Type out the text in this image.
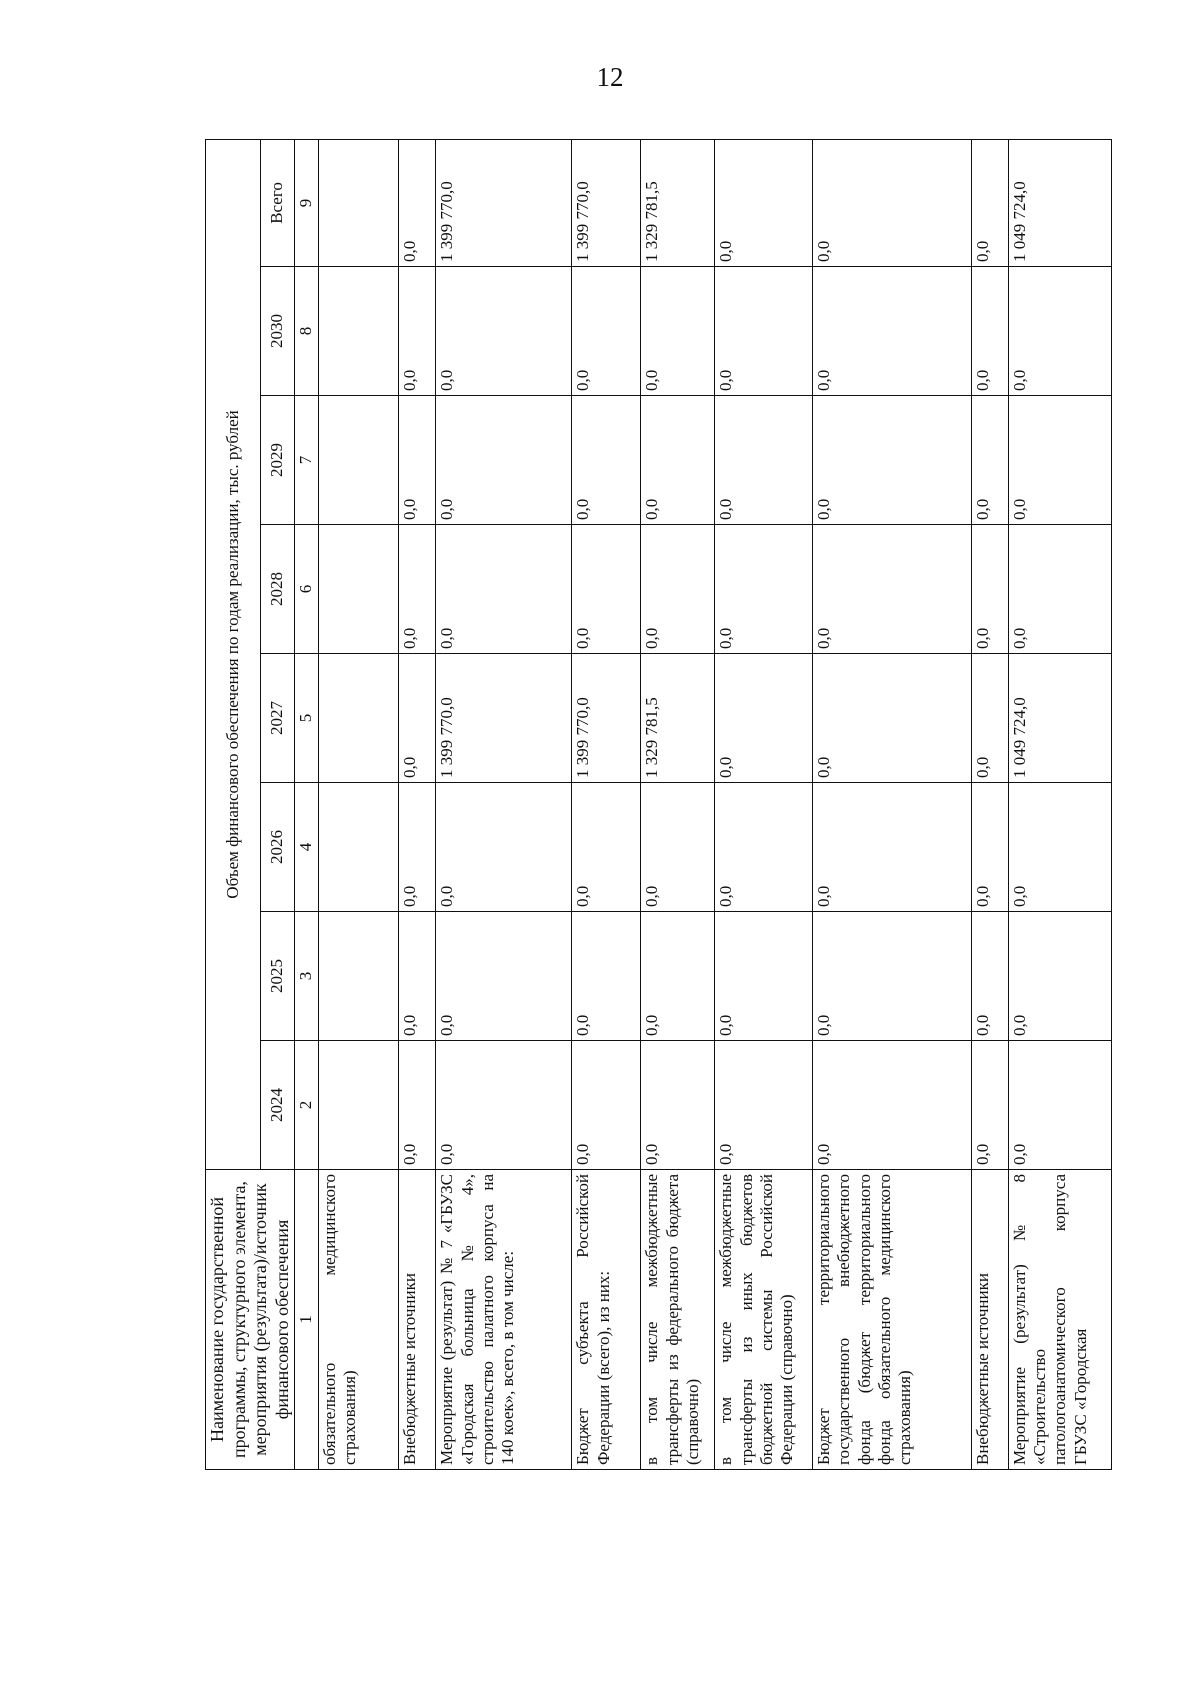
12
Наименование государственной программы, структурного элемента, мероприятия (результата)/источник финансового обеспечения	Объем финансового обеспечения по годам реализации, тыс. рублей							
	2024	2025	2026	2027	2028	2029	2030	Всего
1	2	3	4	5	6	7	8	9
обязательного медицинского страхования)								
Внебюджетные источники	0,0	0,0	0,0	0,0	0,0	0,0	0,0	0,0
Мероприятие (результат) № 7 «ГБУЗС «Городская больница № 4», строительство палатного корпуса на 140 коек», всего, в том числе:	0,0	0,0	0,0	1 399 770,0	0,0	0,0	0,0	1 399 770,0
Бюджет субъекта Российской Федерации (всего), из них:	0,0	0,0	0,0	1 399 770,0	0,0	0,0	0,0	1 399 770,0
в том числе межбюджетные трансферты из федерального бюджета (справочно)	0,0	0,0	0,0	1 329 781,5	0,0	0,0	0,0	1 329 781,5
в том числе межбюджетные трансферты из иных бюджетов бюджетной системы Российской Федерации (справочно)	0,0	0,0	0,0	0,0	0,0	0,0	0,0	0,0
Бюджет территориального государственного внебюджетного фонда (бюджет территориального фонда обязательного медицинского страхования)	0,0	0,0	0,0	0,0	0,0	0,0	0,0	0,0
Внебюджетные источники	0,0	0,0	0,0	0,0	0,0	0,0	0,0	0,0
Мероприятие (результат) № 8 «Строительство патологоанатомического корпуса ГБУЗС «Городская	0,0	0,0	0,0	1 049 724,0	0,0	0,0	0,0	1 049 724,0
